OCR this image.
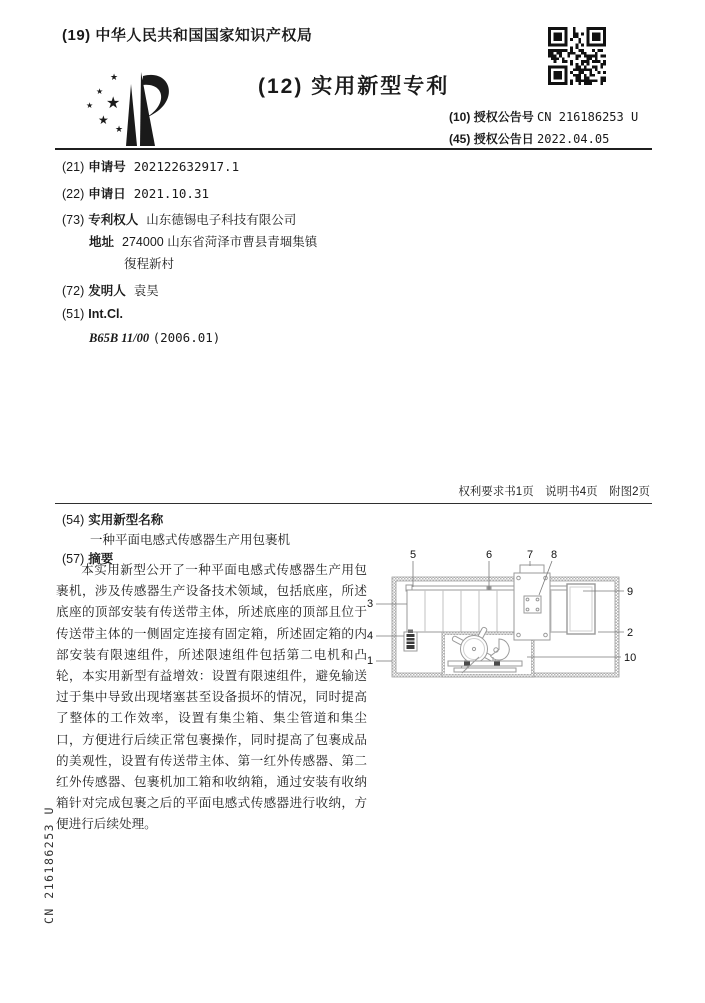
(19) 中华人民共和国国家知识产权局
★
★
★
★
★
★
(12) 实用新型专利
(10) 授权公告号 CN 216186253 U
(45) 授权公告日 2022.04.05
(21) 申请号 202122632917.1
(22) 申请日 2021.10.31
(73) 专利权人 山东德锡电子科技有限公司
地址 274000 山东省菏泽市曹县青堌集镇
復程新村
(72) 发明人 袁昊
(51) Int.Cl.
B65B 11/00 (2006.01)
权利要求书1页　说明书4页　附图2页
(54) 实用新型名称
一种平面电感式传感器生产用包裹机
(57) 摘要

本实用新型公开了一种平面电感式传感器生产用包裹机，涉及传感器生产设备技术领域，包括底座，所述底座的顶部安装有传送带主体，所述底座的顶部且位于传送带主体的一侧固定连接有固定箱，所述固定箱的内部安装有限速组件，所述限速组件包括第二电机和凸轮，本实用新型有益增效：设置有限速组件，避免输送过于集中导致出现堵塞甚至设备损坏的情况，同时提高了整体的工作效率，设置有集尘箱、集尘管道和集尘口，方便进行后续正常包裹操作，同时提高了包裹成品的美观性，设置有传送带主体、第一红外传感器、第二红外传感器、包裹机加工箱和收纳箱，通过安装有收纳箱针对完成包裹之后的平面电感式传感器进行收纳，方便进行后续处理。

5	6	7 8
3
4
1
9
2
10
CN 216186253 U
